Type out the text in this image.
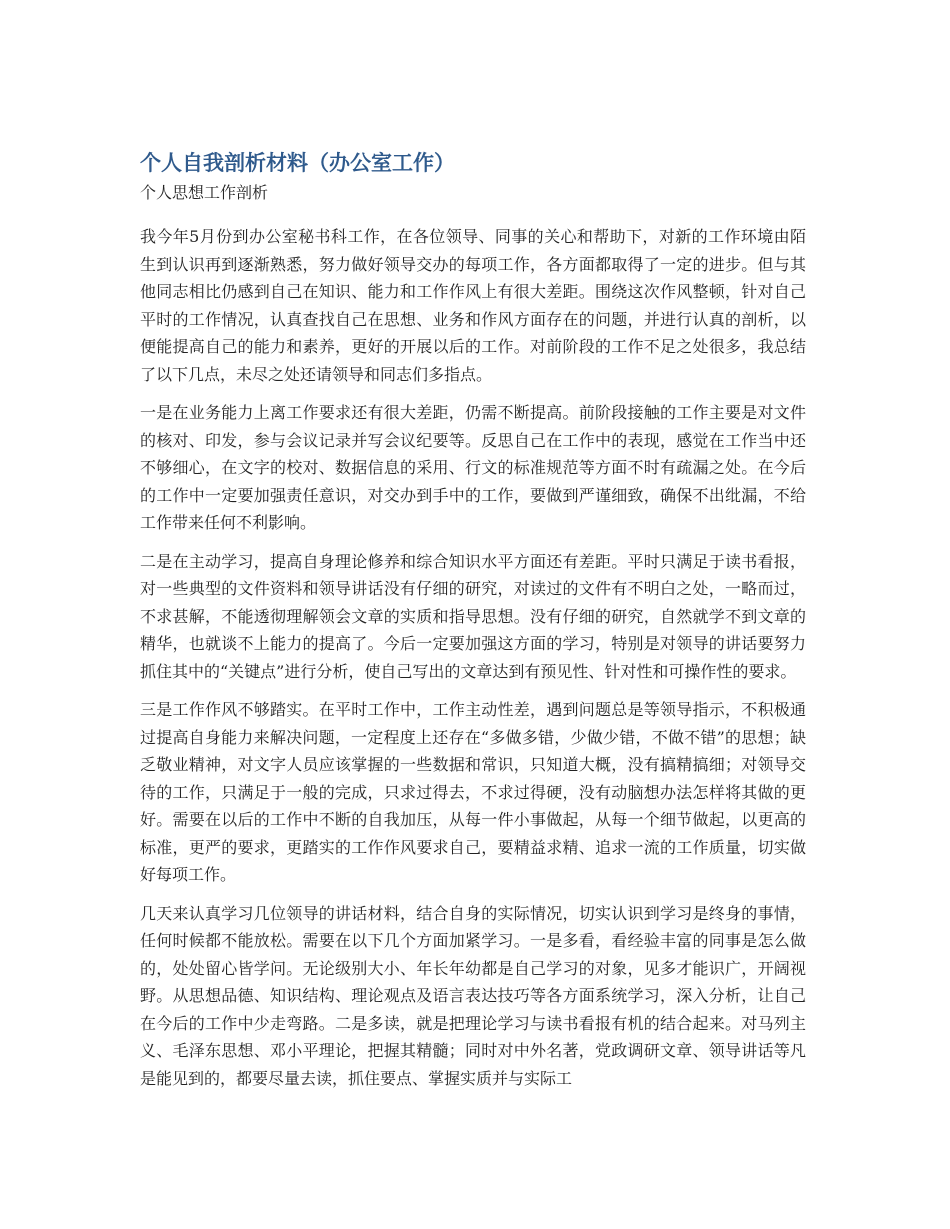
个人自我剖析材料（办公室工作）
个人思想工作剖析

我今年5月份到办公室秘书科工作，在各位领导、同事的关心和帮助下，对新的工作环境由陌生到认识再到逐渐熟悉，努力做好领导交办的每项工作，各方面都取得了一定的进步。但与其他同志相比仍感到自己在知识、能力和工作作风上有很大差距。围绕这次作风整顿，针对自己平时的工作情况，认真查找自己在思想、业务和作风方面存在的问题，并进行认真的剖析，以便能提高自己的能力和素养，更好的开展以后的工作。对前阶段的工作不足之处很多，我总结了以下几点，未尽之处还请领导和同志们多指点。

一是在业务能力上离工作要求还有很大差距，仍需不断提高。前阶段接触的工作主要是对文件的核对、印发，参与会议记录并写会议纪要等。反思自己在工作中的表现，感觉在工作当中还不够细心，在文字的校对、数据信息的采用、行文的标准规范等方面不时有疏漏之处。在今后的工作中一定要加强责任意识，对交办到手中的工作，要做到严谨细致，确保不出纰漏，不给工作带来任何不利影响。

二是在主动学习，提高自身理论修养和综合知识水平方面还有差距。平时只满足于读书看报，对一些典型的文件资料和领导讲话没有仔细的研究，对读过的文件有不明白之处，一略而过，不求甚解，不能透彻理解领会文章的实质和指导思想。没有仔细的研究，自然就学不到文章的精华，也就谈不上能力的提高了。今后一定要加强这方面的学习，特别是对领导的讲话要努力抓住其中的“关键点”进行分析，使自己写出的文章达到有预见性、针对性和可操作性的要求。

三是工作作风不够踏实。在平时工作中，工作主动性差，遇到问题总是等领导指示，不积极通过提高自身能力来解决问题，一定程度上还存在“多做多错，少做少错，不做不错”的思想；缺乏敬业精神，对文字人员应该掌握的一些数据和常识，只知道大概，没有搞精搞细；对领导交待的工作，只满足于一般的完成，只求过得去，不求过得硬，没有动脑想办法怎样将其做的更好。需要在以后的工作中不断的自我加压，从每一件小事做起，从每一个细节做起，以更高的标准，更严的要求，更踏实的工作作风要求自己，要精益求精、追求一流的工作质量，切实做好每项工作。

几天来认真学习几位领导的讲话材料，结合自身的实际情况，切实认识到学习是终身的事情，任何时候都不能放松。需要在以下几个方面加紧学习。一是多看，看经验丰富的同事是怎么做的，处处留心皆学问。无论级别大小、年长年幼都是自己学习的对象，见多才能识广，开阔视野。从思想品德、知识结构、理论观点及语言表达技巧等各方面系统学习，深入分析，让自己在今后的工作中少走弯路。二是多读，就是把理论学习与读书看报有机的结合起来。对马列主义、毛泽东思想、邓小平理论，把握其精髓；同时对中外名著，党政调研文章、领导讲话等凡是能见到的，都要尽量去读，抓住要点、掌握实质并与实际工
